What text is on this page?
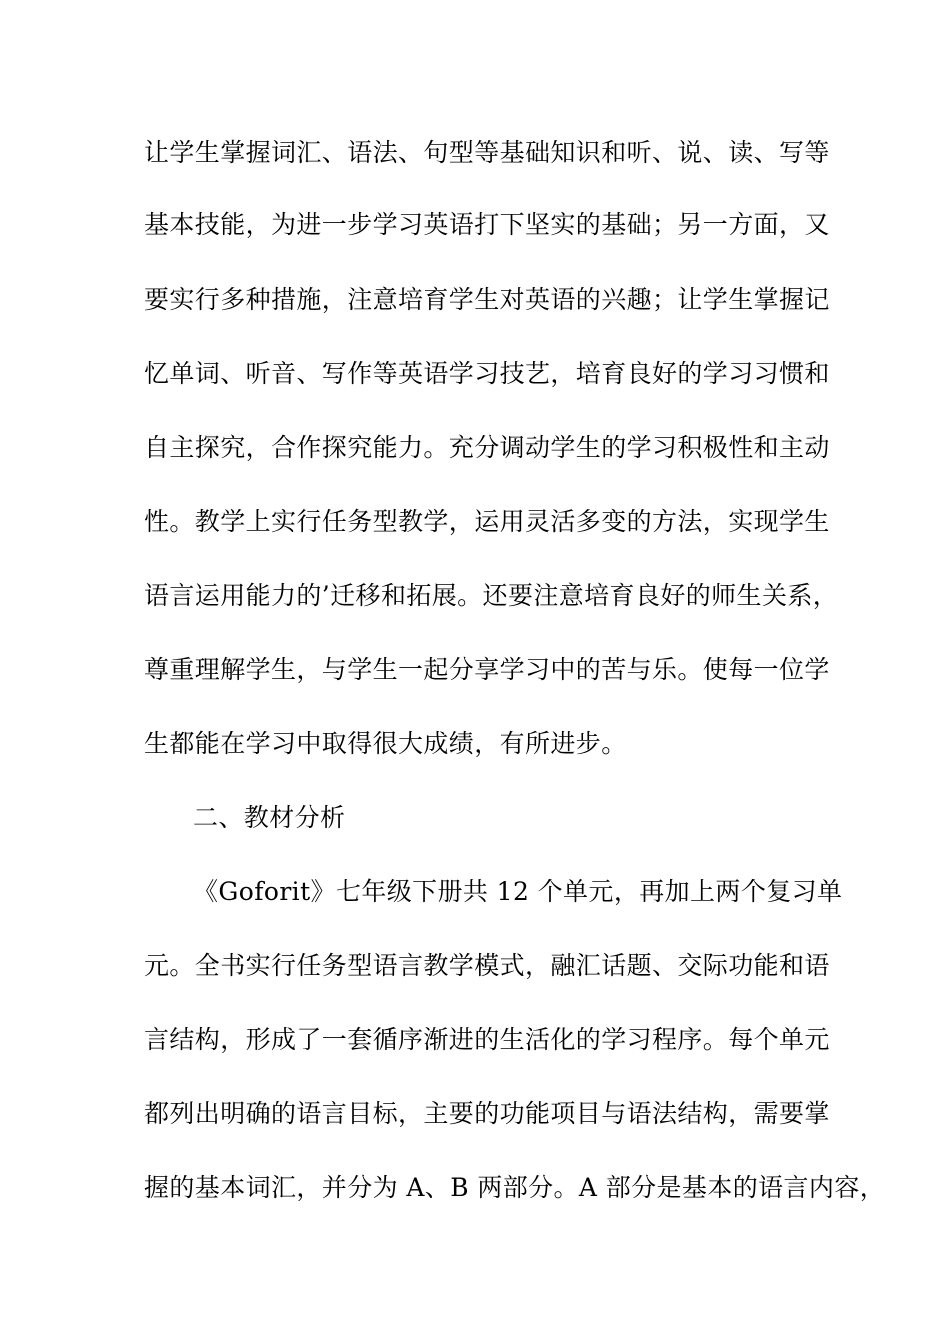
让学生掌握词汇、语法、句型等基础知识和听、说、读、写等
基本技能，为进一步学习英语打下坚实的基础；另一方面，又
要实行多种措施，注意培育学生对英语的兴趣；让学生掌握记
忆单词、听音、写作等英语学习技艺，培育良好的学习习惯和
自主探究，合作探究能力。充分调动学生的学习积极性和主动
性。教学上实行任务型教学，运用灵活多变的方法，实现学生
语言运用能力的’迁移和拓展。还要注意培育良好的师生关系，
尊重理解学生，与学生一起分享学习中的苦与乐。使每一位学
生都能在学习中取得很大成绩，有所进步。
二、教材分析
《Goforit》七年级下册共 12 个单元，再加上两个复习单
元。全书实行任务型语言教学模式，融汇话题、交际功能和语
言结构，形成了一套循序渐进的生活化的学习程序。每个单元
都列出明确的语言目标，主要的功能项目与语法结构，需要掌
握的基本词汇，并分为 A、B 两部分。A 部分是基本的语言内容，
